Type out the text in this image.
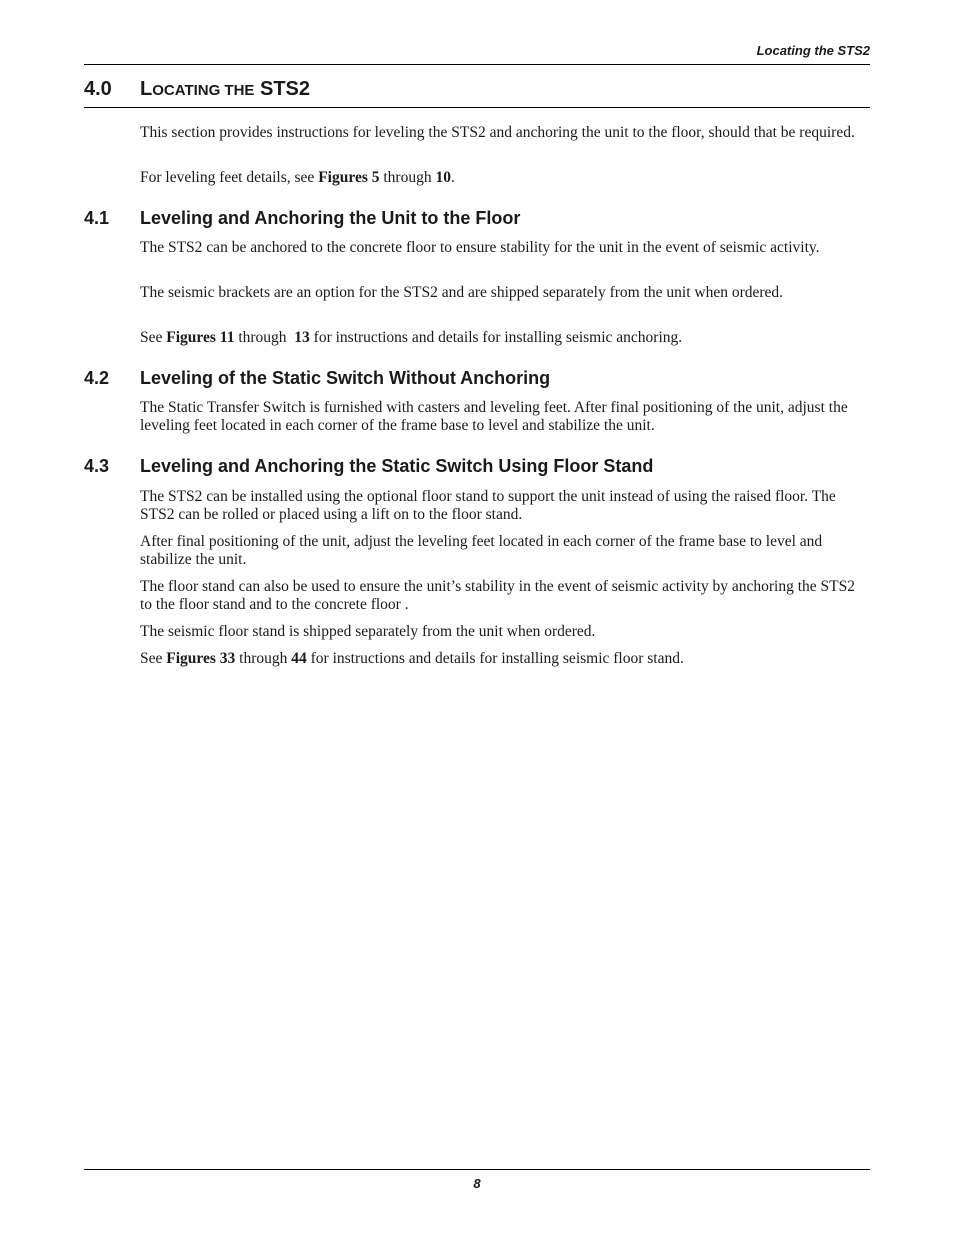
Locating the STS2
4.0 LOCATING THE STS2

This section provides instructions for leveling the STS2 and anchoring the unit to the floor, should that be required.

For leveling feet details, see Figures 5 through 10.

4.1 Leveling and Anchoring the Unit to the Floor

The STS2 can be anchored to the concrete floor to ensure stability for the unit in the event of seismic activity.

The seismic brackets are an option for the STS2 and are shipped separately from the unit when ordered.

See Figures 11 through  13 for instructions and details for installing seismic anchoring.

4.2 Leveling of the Static Switch Without Anchoring

The Static Transfer Switch is furnished with casters and leveling feet. After final positioning of the unit, adjust the leveling feet located in each corner of the frame base to level and stabilize the unit.

4.3 Leveling and Anchoring the Static Switch Using Floor Stand

The STS2 can be installed using the optional floor stand to support the unit instead of using the raised floor. The STS2 can be rolled or placed using a lift on to the floor stand.

After final positioning of the unit, adjust the leveling feet located in each corner of the frame base to level and stabilize the unit.

The floor stand can also be used to ensure the unit’s stability in the event of seismic activity by anchoring the STS2 to the floor stand and to the concrete floor .

The seismic floor stand is shipped separately from the unit when ordered.

See Figures 33 through 44 for instructions and details for installing seismic floor stand.

8
